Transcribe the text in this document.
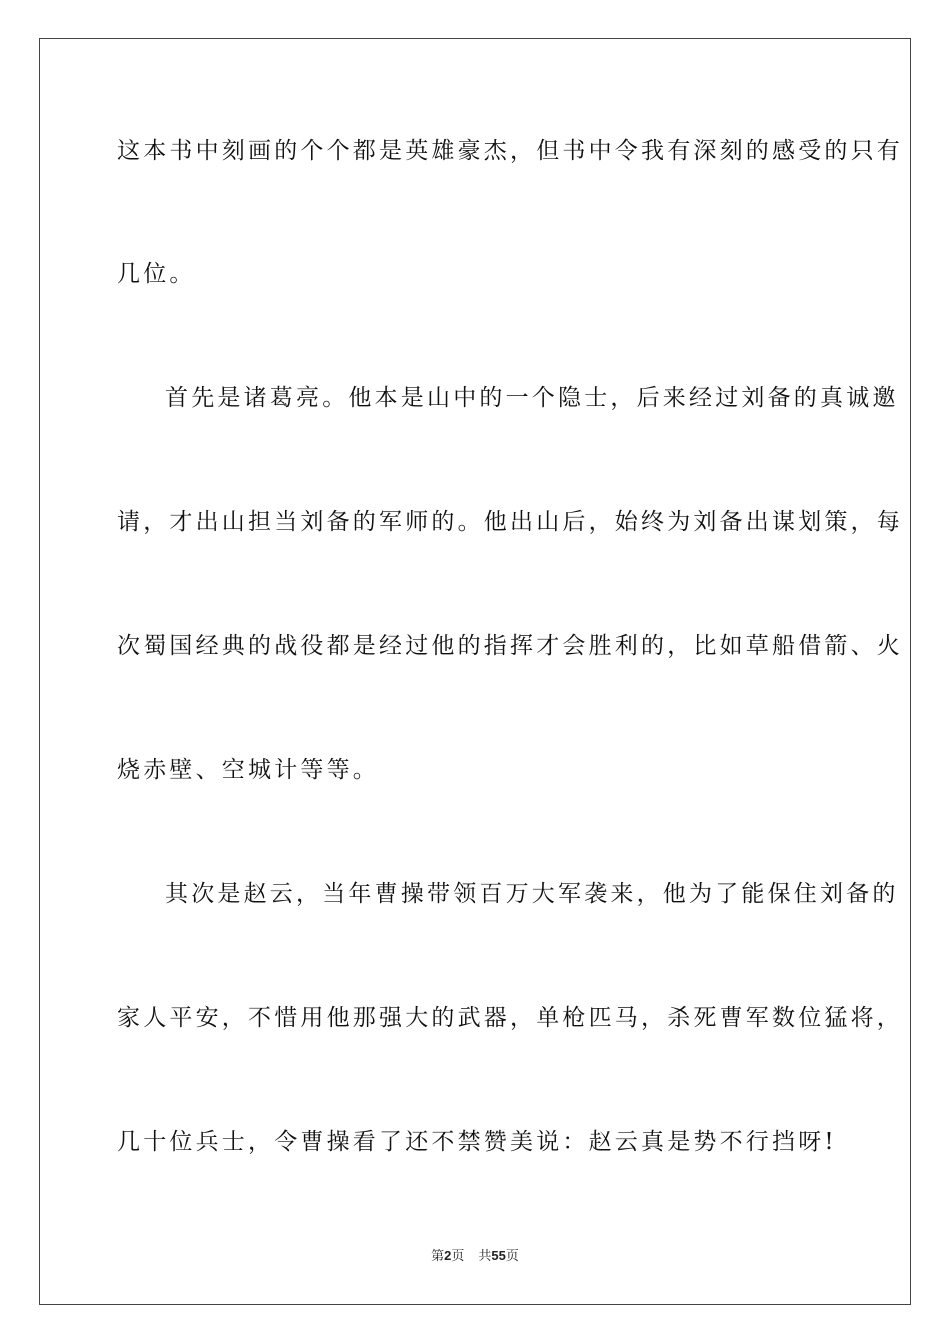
这本书中刻画的个个都是英雄豪杰，但书中令我有深刻的感受的只有
几位。
首先是诸葛亮。他本是山中的一个隐士，后来经过刘备的真诚邀
请，才出山担当刘备的军师的。他出山后，始终为刘备出谋划策，每
次蜀国经典的战役都是经过他的指挥才会胜利的，比如草船借箭、火
烧赤壁、空城计等等。
其次是赵云，当年曹操带领百万大军袭来，他为了能保住刘备的
家人平安，不惜用他那强大的武器，单枪匹马，杀死曹军数位猛将，
几十位兵士，令曹操看了还不禁赞美说：赵云真是势不行挡呀!
第2页 共55页
